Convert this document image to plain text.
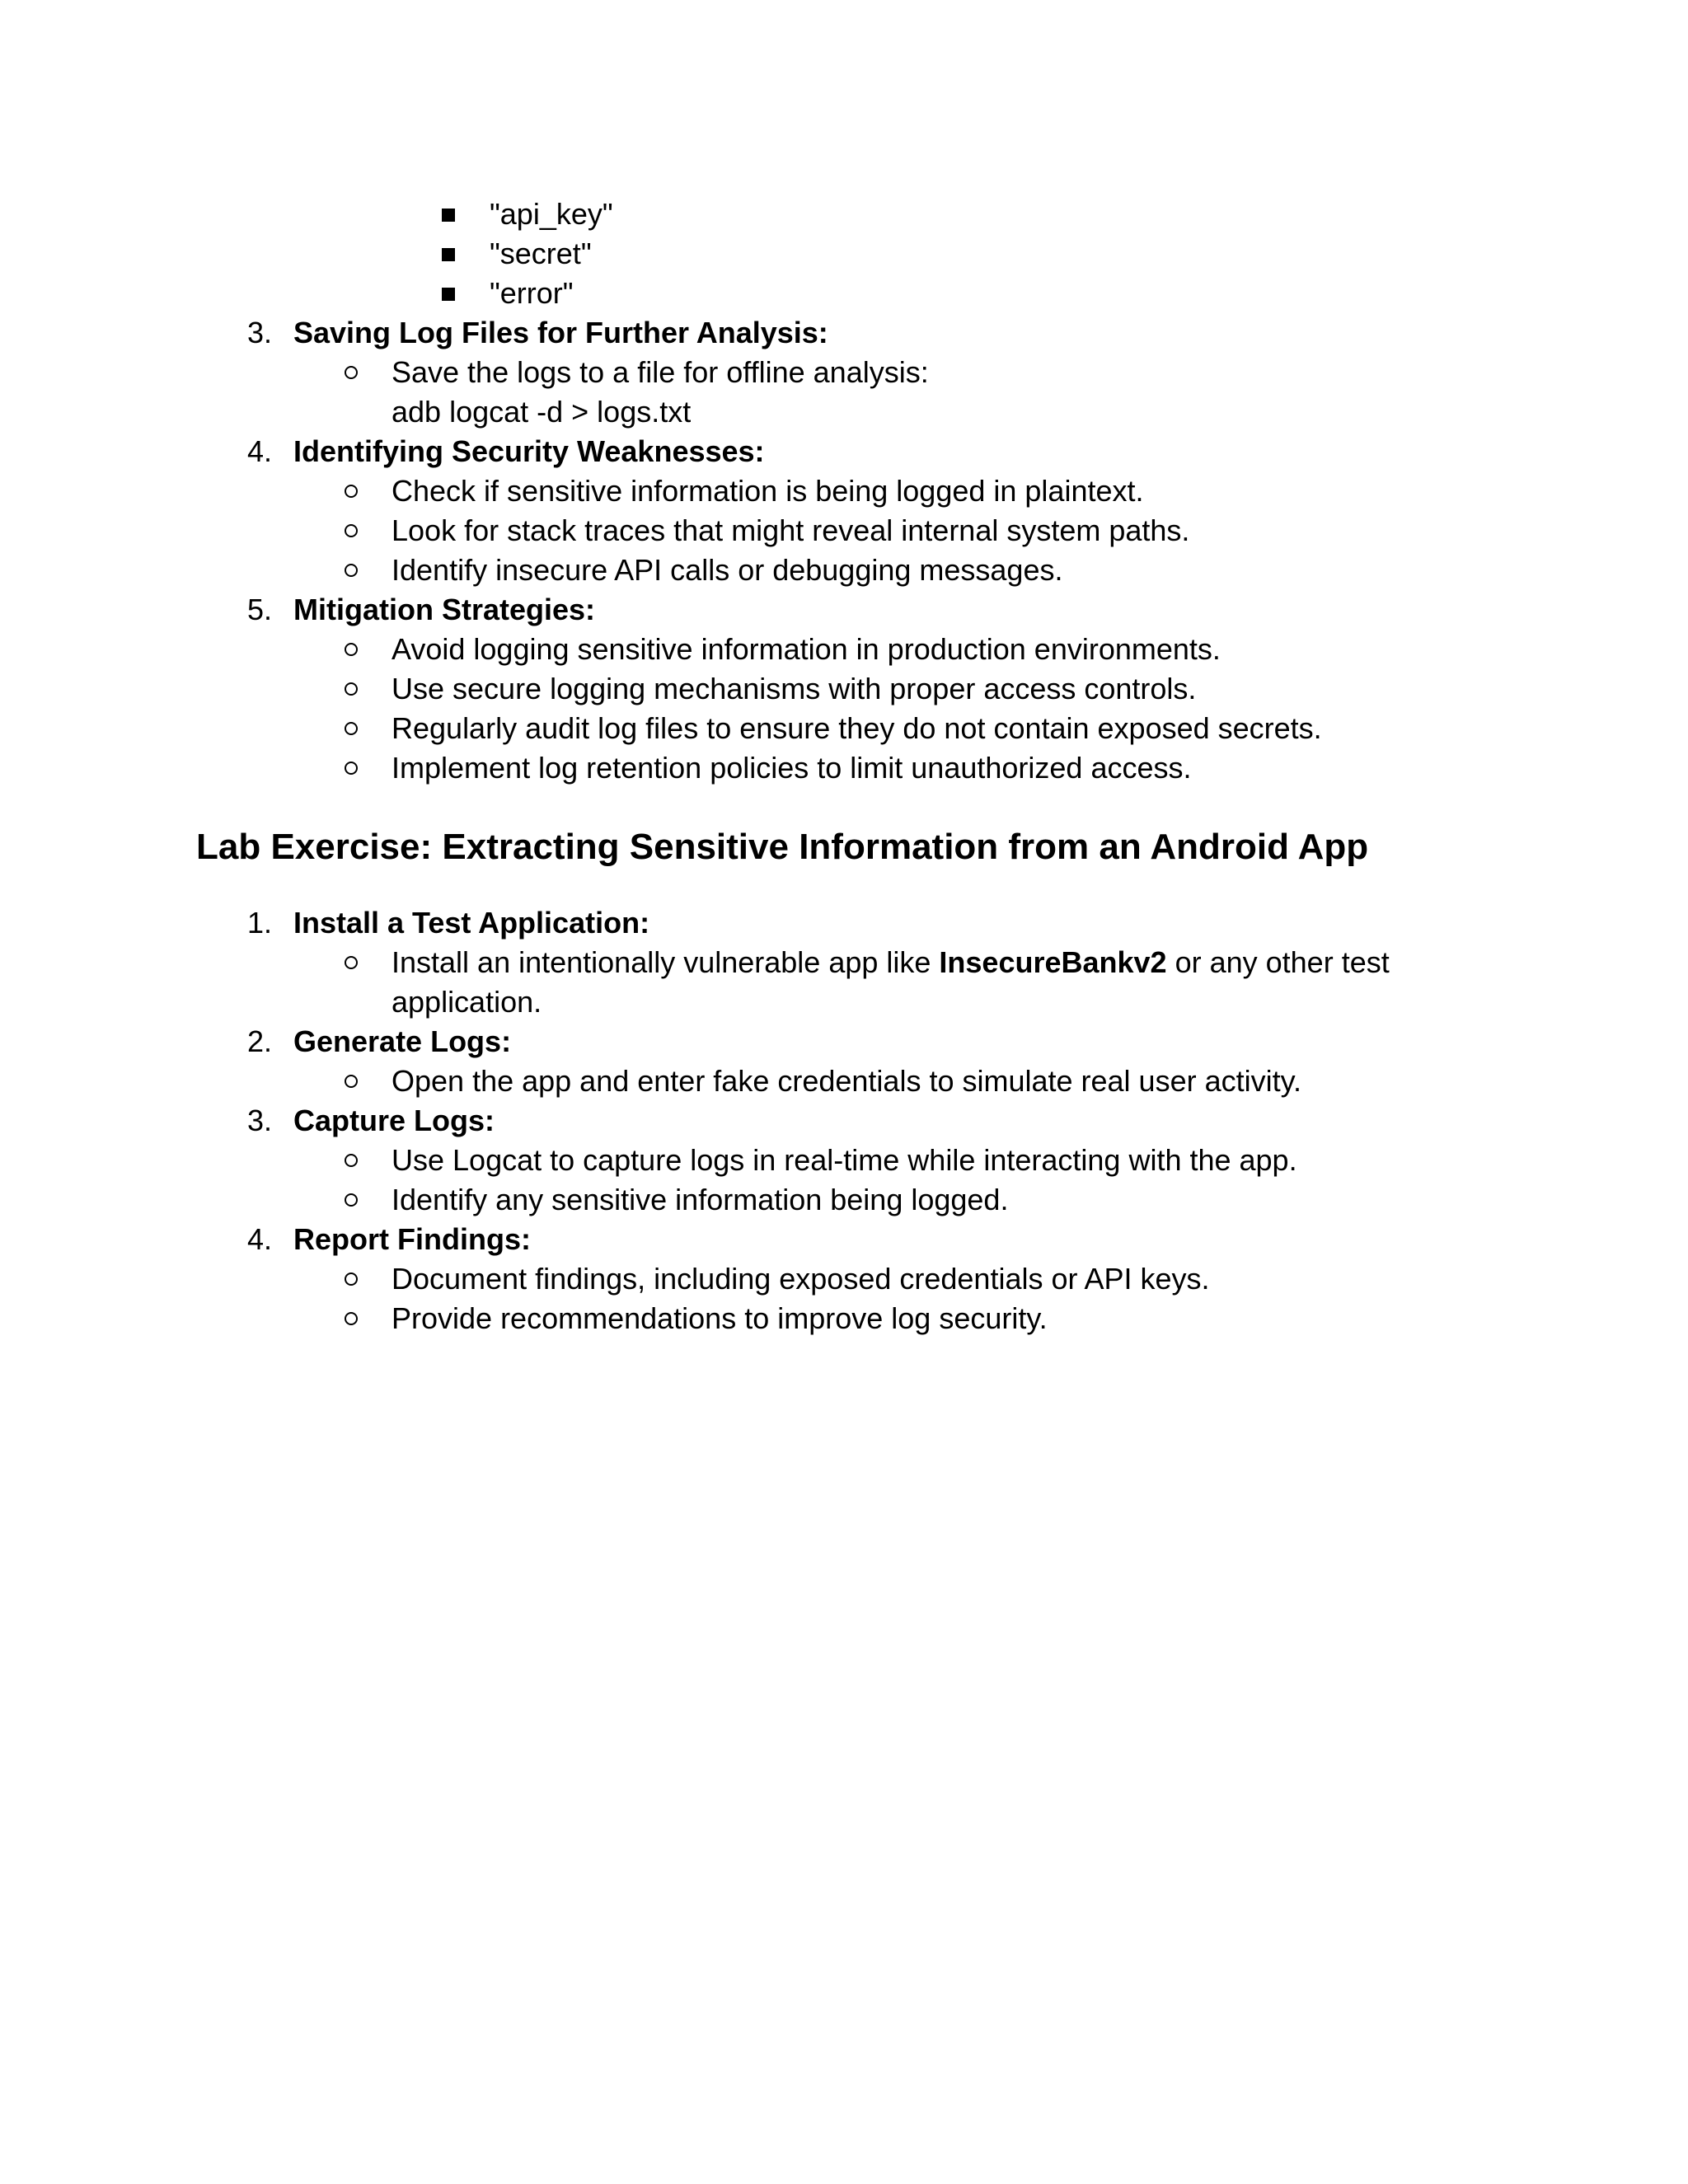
"api_key"
"secret"
"error"
3. Saving Log Files for Further Analysis:
Save the logs to a file for offline analysis:
adb logcat -d > logs.txt
4. Identifying Security Weaknesses:
Check if sensitive information is being logged in plaintext.
Look for stack traces that might reveal internal system paths.
Identify insecure API calls or debugging messages.
5. Mitigation Strategies:
Avoid logging sensitive information in production environments.
Use secure logging mechanisms with proper access controls.
Regularly audit log files to ensure they do not contain exposed secrets.
Implement log retention policies to limit unauthorized access.
Lab Exercise: Extracting Sensitive Information from an Android App
1. Install a Test Application:
Install an intentionally vulnerable app like InsecureBankv2 or any other test
application.
2. Generate Logs:
Open the app and enter fake credentials to simulate real user activity.
3. Capture Logs:
Use Logcat to capture logs in real-time while interacting with the app.
Identify any sensitive information being logged.
4. Report Findings:
Document findings, including exposed credentials or API keys.
Provide recommendations to improve log security.
